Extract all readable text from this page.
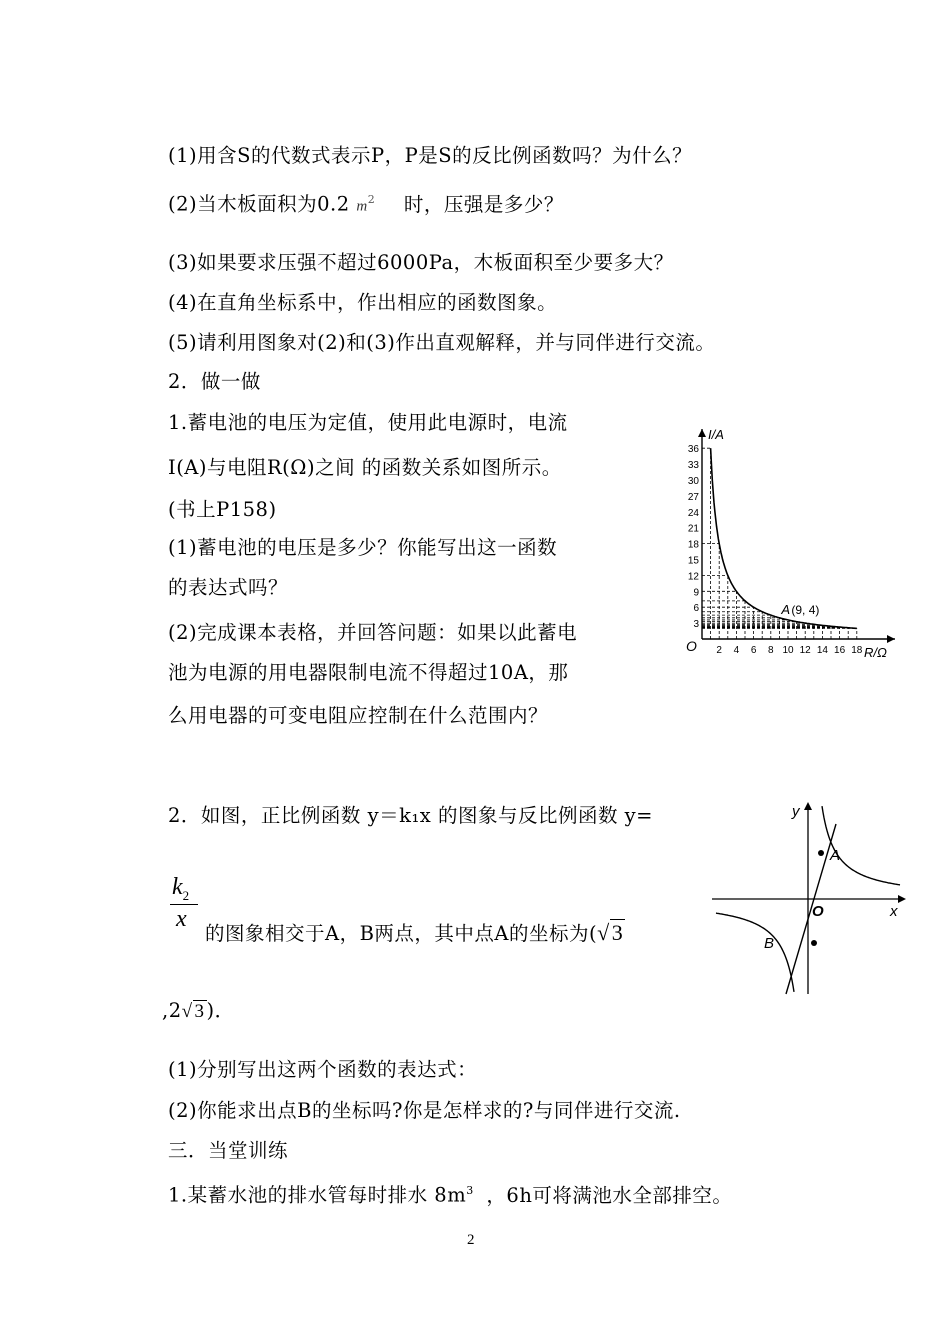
(1)用含S的代数式表示P，P是S的反比例函数吗？为什么？
(2)当木板面积为0.2 $m^2$ 时，压强是多少？
(3)如果要求压强不超过6000Pa，木板面积至少要多大？
(4)在直角坐标系中，作出相应的函数图象。
(5)请利用图象对(2)和(3)作出直观解释，并与同伴进行交流。
2．做一做
1.蓄电池的电压为定值，使用此电源时，电流
I(A)与电阻R(Ω)之间 的函数关系如图所示。
(书上P158)
(1)蓄电池的电压是多少？你能写出这一函数
的表达式吗？
(2)完成课本表格，并回答问题：如果以此蓄电
池为电源的用电器限制电流不得超过10A，那
么用电器的可变电阻应控制在什么范围内？
2．如图，正比例函数 y＝k₁x 的图象与反比例函数 y=
$k_2$
x
的图象相交于A，B两点，其中点A的坐标为(√3
,2√ 3 )．
(1)分别写出这两个函数的表达式：
(2)你能求出点B的坐标吗?你是怎样求的?与同伴进行交流.
三．当堂训练
1.某蓄水池的排水管每时排水 $8m^3$ ，6h可将满池水全部排空。
2
36
33
30
27
24
21
18
15
12
9
6
3
2 4 6 8 10 12 14 16 18
I/A
R/Ω
O
A (9, 4)
A
B
O	x
y
